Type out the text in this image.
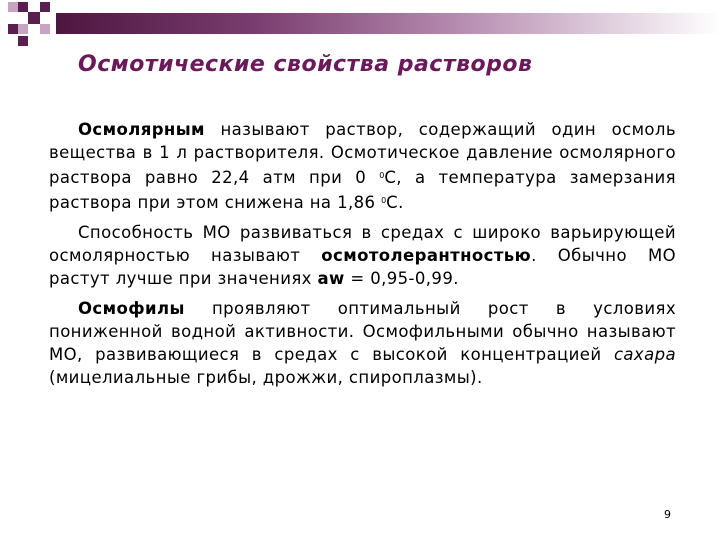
Осмотические свойства растворов

Осмолярным называют раствор, содержащий один осмоль вещества в 1 л растворителя. Осмотическое давление осмолярного раствора равно 22,4 атм при 0 $^0$С, а температура замерзания раствора при этом снижена на 1,86 $^0$С.

Способность МО развиваться в средах с широко варьирующей осмолярностью называют осмотолерантностью. Обычно МО растут лучше при значениях aw = 0,95-0,99.

Осмофилы проявляют оптимальный рост в условиях пониженной водной активности. Осмофильными обычно называют МО, развивающиеся в средах с высокой концентрацией сахара (мицелиальные грибы, дрожжи, спироплазмы).

9
